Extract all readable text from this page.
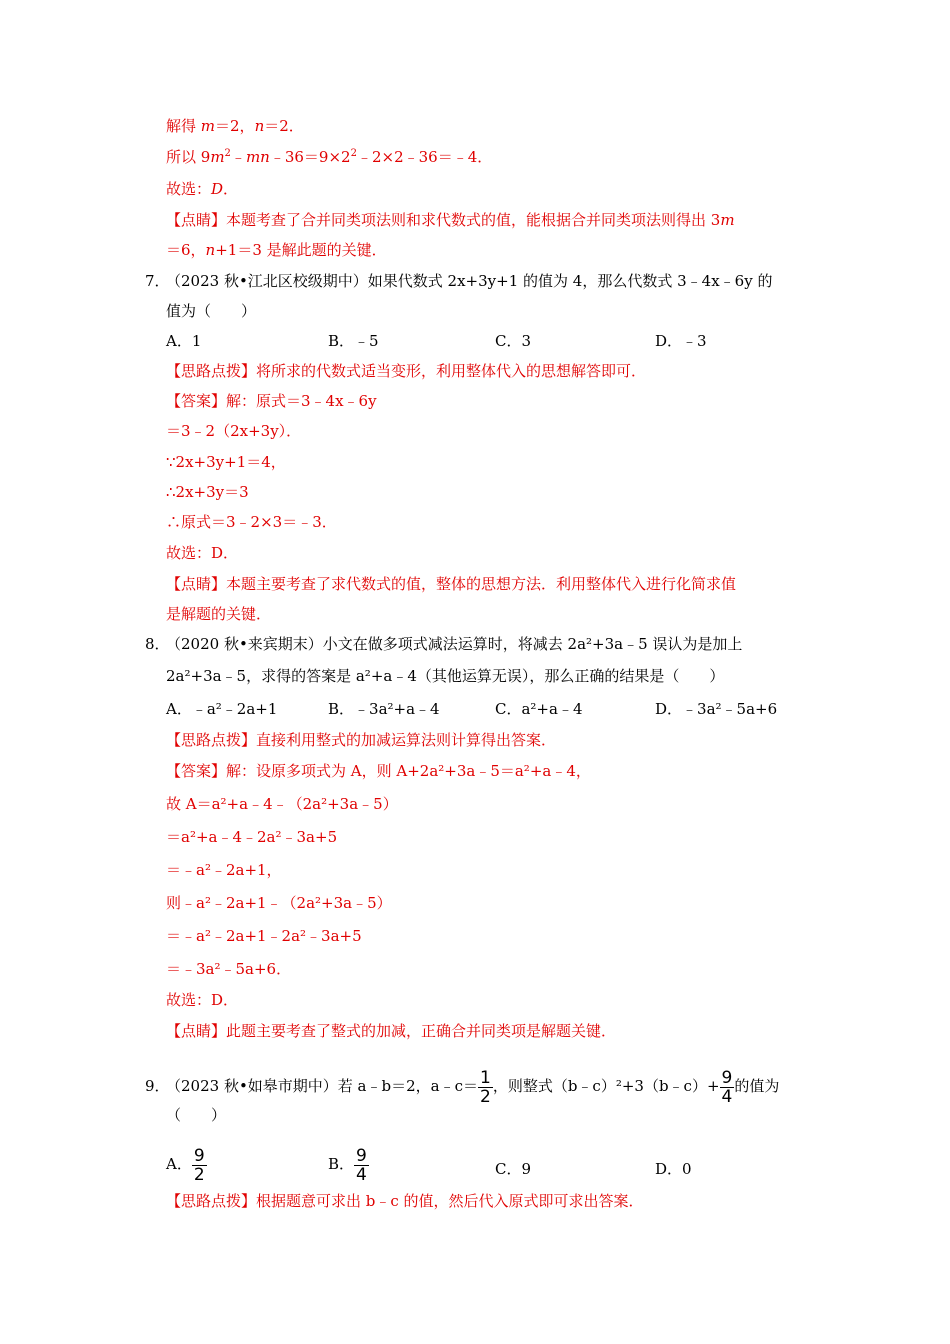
解得 m＝2，n＝2．
所以 $9m^2﹣mn﹣36=9\times 2^2﹣2\times 2﹣36=﹣4$．
故选：D．
【点睛】本题考查了合并同类项法则和求代数式的值，能根据合并同类项法则得出 3m
＝6，n+1＝3 是解此题的关键．
7．
（2023 秋•江北区校级期中）如果代数式 2x+3y+1 的值为 4，那么代数式 3﹣4x﹣6y 的
值为（　　）
A．1	B．﹣5	C．3	D．﹣3
【思路点拨】将所求的代数式适当变形，利用整体代入的思想解答即可．
【答案】解：原式＝3﹣4x﹣6y
＝3﹣2（2x+3y）．
∵2x+3y+1＝4，
∴2x+3y＝3
∴原式＝3﹣2×3＝﹣3．
故选：D．
【点睛】本题主要考查了求代数式的值，整体的思想方法．利用整体代入进行化简求值
是解题的关键．
8．
（2020 秋•来宾期末）小文在做多项式减法运算时，将减去 2a²+3a﹣5 误认为是加上
2a²+3a﹣5，求得的答案是 a²+a﹣4（其他运算无误），那么正确的结果是（　　）
A．﹣a²﹣2a+1	B．﹣3a²+a﹣4	C．a²+a﹣4	D．﹣3a²﹣5a+6
【思路点拨】直接利用整式的加减运算法则计算得出答案．
【答案】解：设原多项式为 A，则 A+2a²+3a﹣5＝a²+a﹣4，
故 A＝a²+a﹣4﹣（2a²+3a﹣5）
＝a²+a﹣4﹣2a²﹣3a+5
＝﹣a²﹣2a+1，
则﹣a²﹣2a+1﹣（2a²+3a﹣5）
＝﹣a²﹣2a+1﹣2a²﹣3a+5
＝﹣3a²﹣5a+6．
故选：D．
【点睛】此题主要考查了整式的加减，正确合并同类项是解题关键．
9．
（2023 秋•如皋市期中）若 a﹣b＝2，a﹣c＝ $\frac{1}{2}$ ，则整式（b﹣c）²+3（b﹣c）+ $\frac{9}{4}$ 的值为
（　　）
A． $\frac{9}{2}$	B． $\frac{9}{4}$	C．9	D．0
【思路点拨】根据题意可求出 b﹣c 的值，然后代入原式即可求出答案．
